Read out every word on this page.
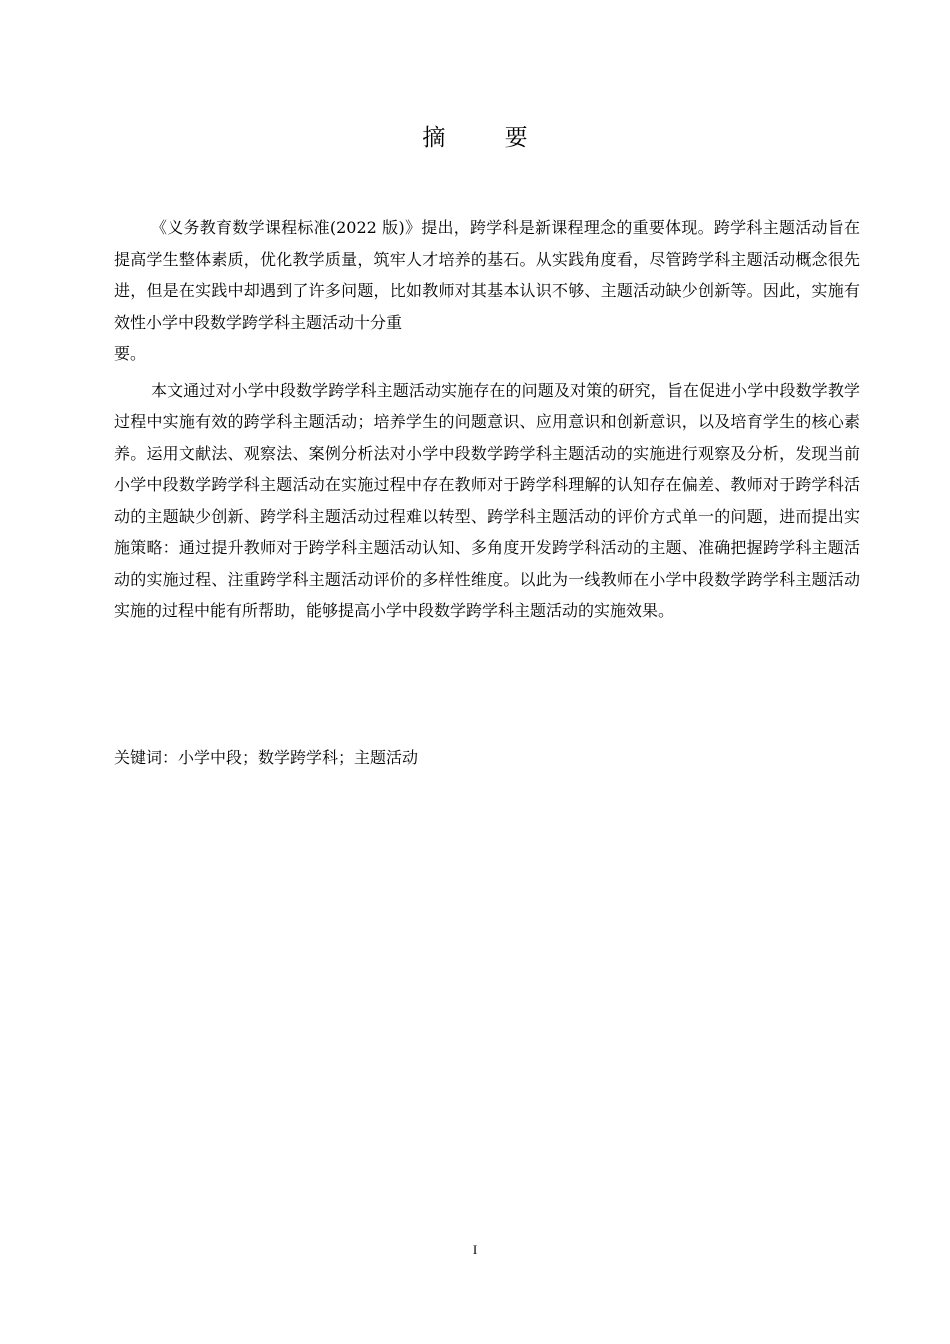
摘 要

《义务教育数学课程标准(2022 版)》提出，跨学科是新课程理念的重要体现。跨学科主题活动旨在提高学生整体素质，优化教学质量，筑牢人才培养的基石。从实践角度看，尽管跨学科主题活动概念很先进，但是在实践中却遇到了许多问题，比如教师对其基本认识不够、主题活动缺少创新等。因此，实施有效性小学中段数学跨学科主题活动十分重
要。

本文通过对小学中段数学跨学科主题活动实施存在的问题及对策的研究，旨在促进小学中段数学教学过程中实施有效的跨学科主题活动；培养学生的问题意识、应用意识和创新意识，以及培育学生的核心素养。运用文献法、观察法、案例分析法对小学中段数学跨学科主题活动的实施进行观察及分析，发现当前小学中段数学跨学科主题活动在实施过程中存在教师对于跨学科理解的认知存在偏差、教师对于跨学科活动的主题缺少创新、跨学科主题活动过程难以转型、跨学科主题活动的评价方式单一的问题，进而提出实施策略：通过提升教师对于跨学科主题活动认知、多角度开发跨学科活动的主题、准确把握跨学科主题活动的实施过程、注重跨学科主题活动评价的多样性维度。以此为一线教师在小学中段数学跨学科主题活动实施的过程中能有所帮助，能够提高小学中段数学跨学科主题活动的实施效果。

关键词：小学中段；数学跨学科；主题活动
I
